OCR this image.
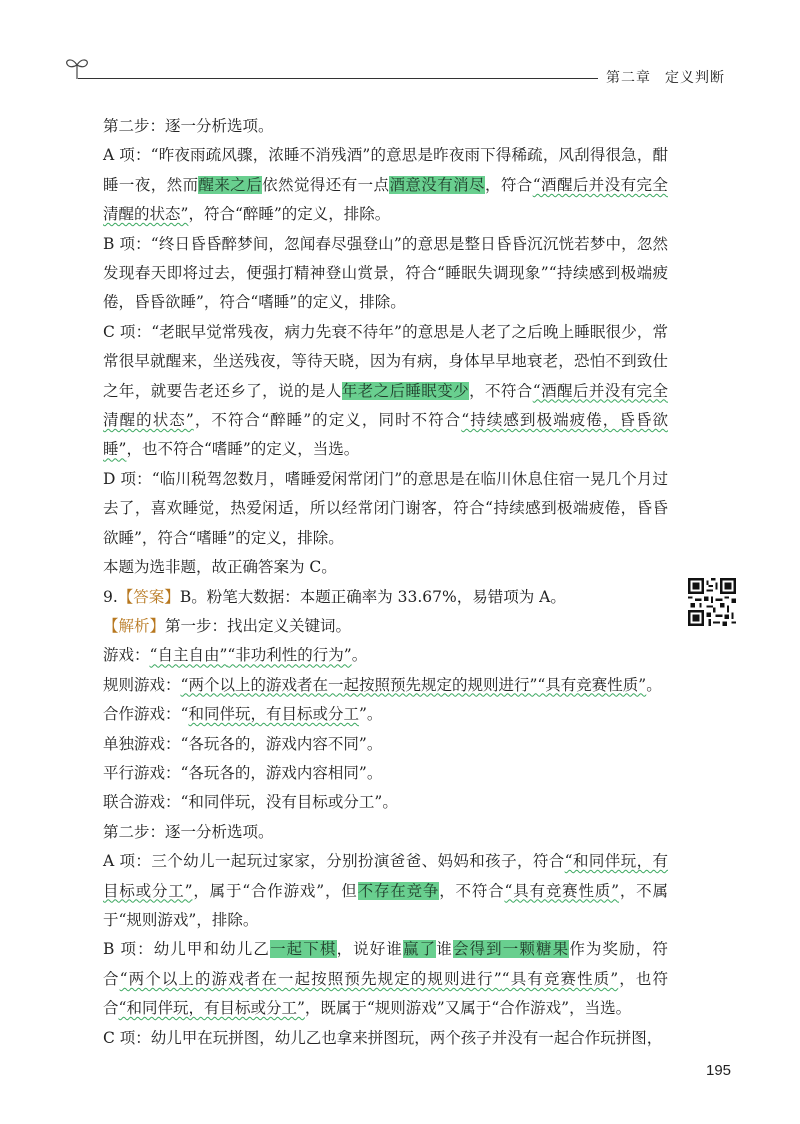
第二章 定义判断

第二步：逐一分析选项。

A 项：“昨夜雨疏风骤，浓睡不消残酒”的意思是昨夜雨下得稀疏，风刮得很急，酣睡一夜，然而醒来之后依然觉得还有一点酒意没有消尽，符合“酒醒后并没有完全清醒的状态”，符合“醉睡”的定义，排除。

B 项：“终日昏昏醉梦间，忽闻春尽强登山”的意思是整日昏昏沉沉恍若梦中，忽然发现春天即将过去，便强打精神登山赏景，符合“睡眠失调现象”“持续感到极端疲倦，昏昏欲睡”，符合“嗜睡”的定义，排除。

C 项：“老眠早觉常残夜，病力先衰不待年”的意思是人老了之后晚上睡眠很少，常常很早就醒来，坐送残夜，等待天晓，因为有病，身体早早地衰老，恐怕不到致仕之年，就要告老还乡了，说的是人年老之后睡眠变少，不符合“酒醒后并没有完全清醒的状态”，不符合“醉睡”的定义，同时不符合“持续感到极端疲倦，昏昏欲睡”，也不符合“嗜睡”的定义，当选。

D 项：“临川税驾忽数月，嗜睡爱闲常闭门”的意思是在临川休息住宿一晃几个月过去了，喜欢睡觉，热爱闲适，所以经常闭门谢客，符合“持续感到极端疲倦，昏昏欲睡”，符合“嗜睡”的定义，排除。

本题为选非题，故正确答案为 C。

9.【答案】B。粉笔大数据：本题正确率为 33.67%，易错项为 A。

【解析】第一步：找出定义关键词。

游戏：“自主自由”“非功利性的行为”。

规则游戏：“两个以上的游戏者在一起按照预先规定的规则进行”“具有竞赛性质”。

合作游戏：“和同伴玩，有目标或分工”。

单独游戏：“各玩各的，游戏内容不同”。

平行游戏：“各玩各的，游戏内容相同”。

联合游戏：“和同伴玩，没有目标或分工”。

第二步：逐一分析选项。

A 项：三个幼儿一起玩过家家，分别扮演爸爸、妈妈和孩子，符合“和同伴玩，有目标或分工”，属于“合作游戏”，但不存在竞争，不符合“具有竞赛性质”，不属于“规则游戏”，排除。

B 项：幼儿甲和幼儿乙一起下棋，说好谁赢了谁会得到一颗糖果作为奖励，符合“两个以上的游戏者在一起按照预先规定的规则进行”“具有竞赛性质”，也符合“和同伴玩，有目标或分工”，既属于“规则游戏”又属于“合作游戏”，当选。

C 项：幼儿甲在玩拼图，幼儿乙也拿来拼图玩，两个孩子并没有一起合作玩拼图，

195
